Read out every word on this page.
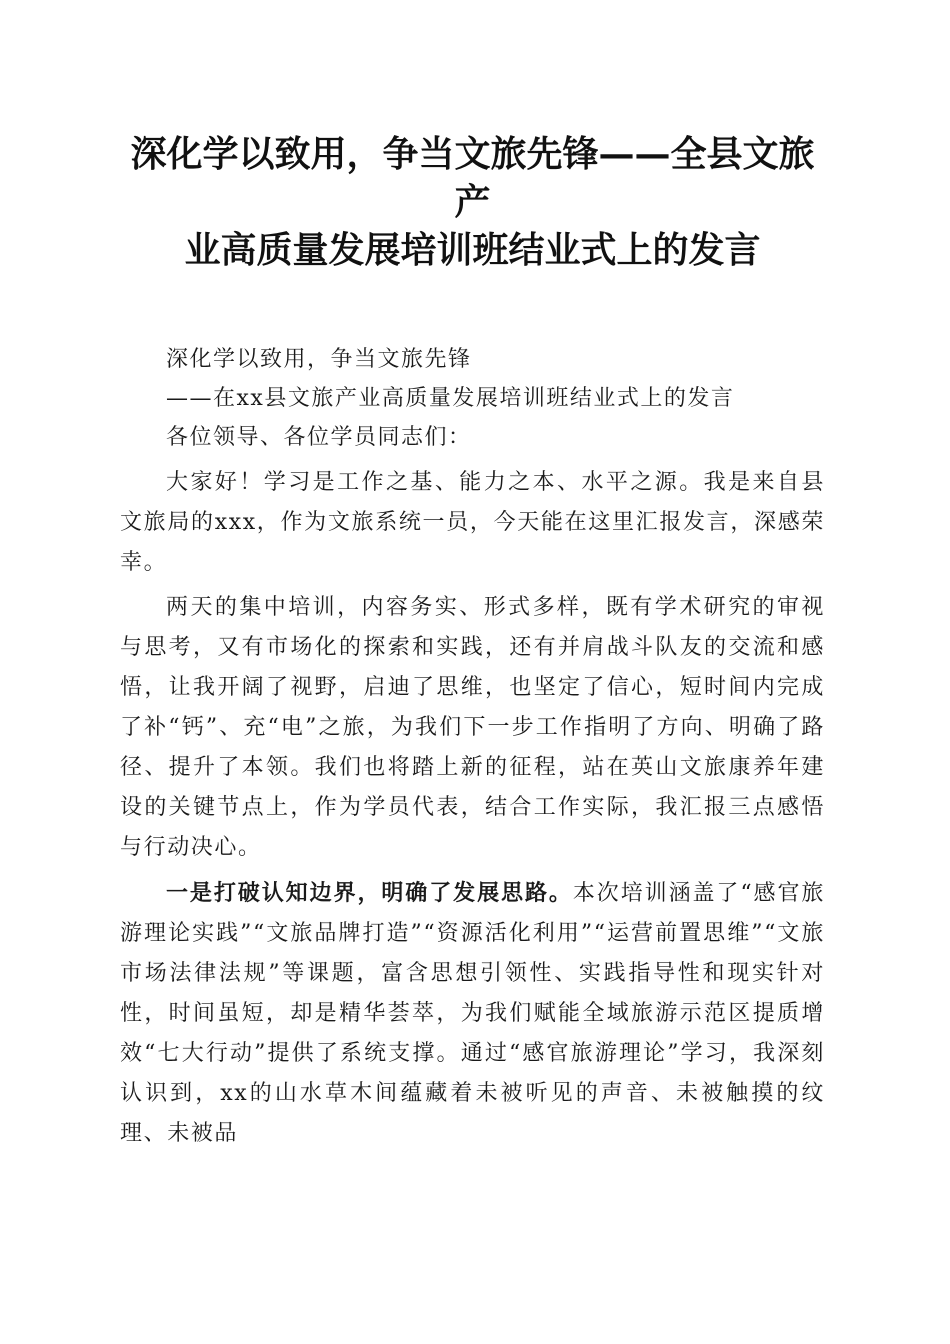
深化学以致用，争当文旅先锋——全县文旅产
业高质量发展培训班结业式上的发言

深化学以致用，争当文旅先锋

——在xx县文旅产业高质量发展培训班结业式上的发言

各位领导、各位学员同志们：

大家好！学习是工作之基、能力之本、水平之源。我是来自县文旅局的xxx，作为文旅系统一员，今天能在这里汇报发言，深感荣幸。

两天的集中培训，内容务实、形式多样，既有学术研究的审视与思考，又有市场化的探索和实践，还有并肩战斗队友的交流和感悟，让我开阔了视野，启迪了思维，也坚定了信心，短时间内完成了补“钙”、充“电”之旅，为我们下一步工作指明了方向、明确了路径、提升了本领。我们也将踏上新的征程，站在英山文旅康养年建设的关键节点上，作为学员代表，结合工作实际，我汇报三点感悟与行动决心。

一是打破认知边界，明确了发展思路。本次培训涵盖了“感官旅游理论实践”“文旅品牌打造”“资源活化利用”“运营前置思维”“文旅市场法律法规”等课题，富含思想引领性、实践指导性和现实针对性，时间虽短，却是精华荟萃，为我们赋能全域旅游示范区提质增效“七大行动”提供了系统支撑。通过“感官旅游理论”学习，我深刻认识到，xx的山水草木间蕴藏着未被听见的声音、未被触摸的纹理、未被品
